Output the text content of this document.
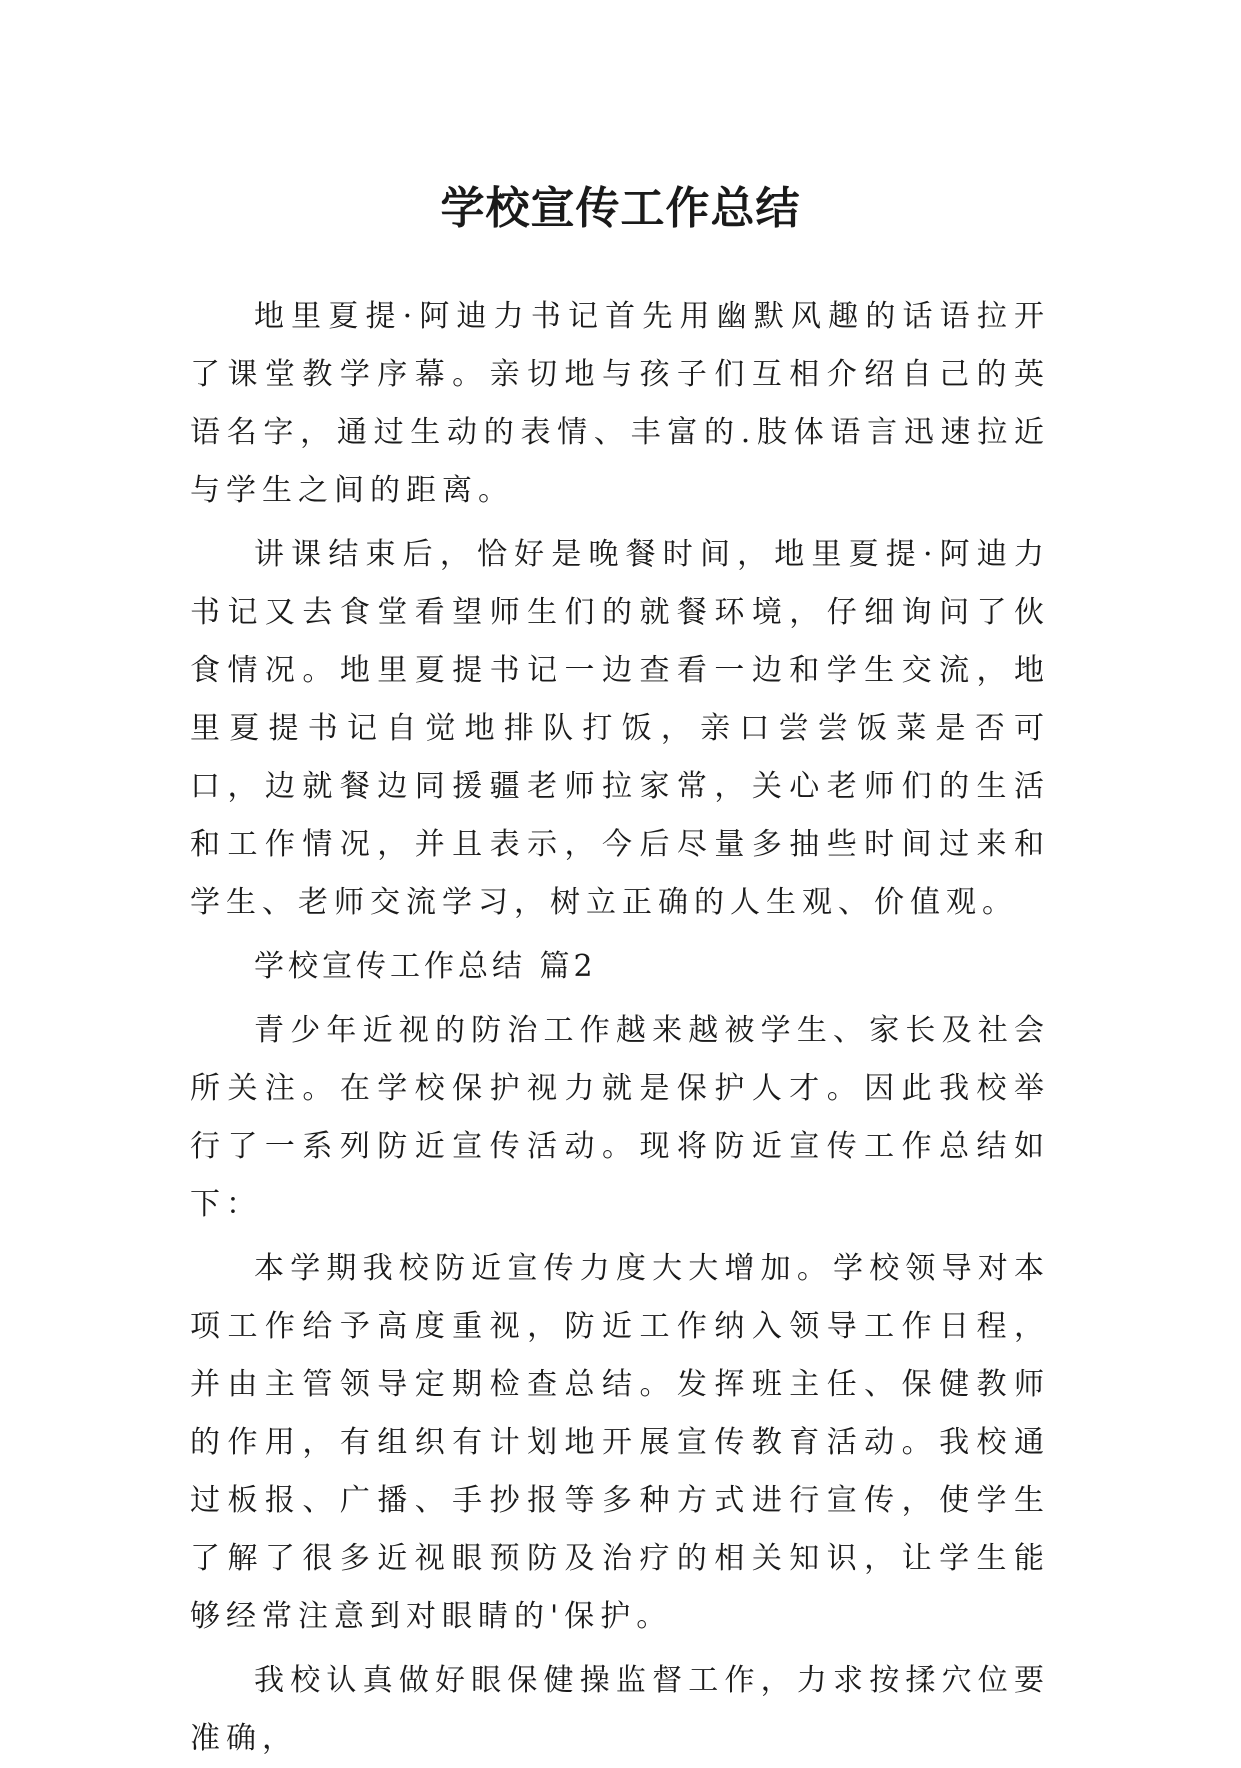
学校宣传工作总结

地里夏提·阿迪力书记首先用幽默风趣的话语拉开了课堂教学序幕。亲切地与孩子们互相介绍自己的英语名字，通过生动的表情、丰富的.肢体语言迅速拉近与学生之间的距离。

讲课结束后，恰好是晚餐时间，地里夏提·阿迪力书记又去食堂看望师生们的就餐环境，仔细询问了伙食情况。地里夏提书记一边查看一边和学生交流，地里夏提书记自觉地排队打饭，亲口尝尝饭菜是否可口，边就餐边同援疆老师拉家常，关心老师们的生活和工作情况，并且表示，今后尽量多抽些时间过来和学生、老师交流学习，树立正确的人生观、价值观。

学校宣传工作总结 篇2

青少年近视的防治工作越来越被学生、家长及社会所关注。在学校保护视力就是保护人才。因此我校举行了一系列防近宣传活动。现将防近宣传工作总结如下：

本学期我校防近宣传力度大大增加。学校领导对本项工作给予高度重视，防近工作纳入领导工作日程，并由主管领导定期检查总结。发挥班主任、保健教师的作用，有组织有计划地开展宣传教育活动。我校通过板报、广播、手抄报等多种方式进行宣传，使学生了解了很多近视眼预防及治疗的相关知识，让学生能够经常注意到对眼睛的'保护。

我校认真做好眼保健操监督工作，力求按揉穴位要准确，
